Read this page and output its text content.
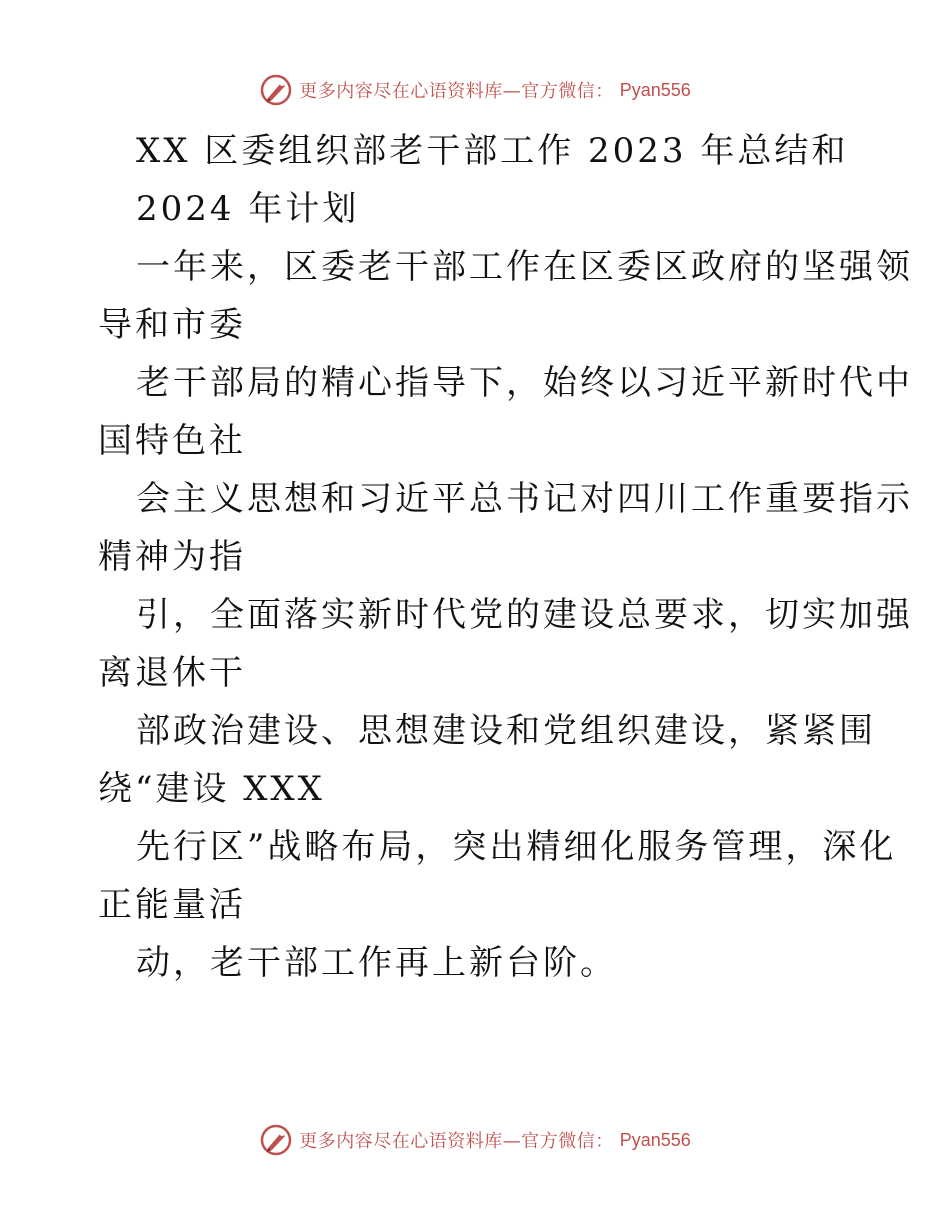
更多内容尽在心语资料库—官方微信： Pyan556
XX 区委组织部老干部工作 2023 年总结和
2024 年计划
一年来，区委老干部工作在区委区政府的坚强领
导和市委
老干部局的精心指导下，始终以习近平新时代中
国特色社
会主义思想和习近平总书记对四川工作重要指示
精神为指
引，全面落实新时代党的建设总要求，切实加强
离退休干
部政治建设、思想建设和党组织建设，紧紧围
绕“建设 XXX
先行区”战略布局，突出精细化服务管理，深化
正能量活
动，老干部工作再上新台阶。
更多内容尽在心语资料库—官方微信： Pyan556
